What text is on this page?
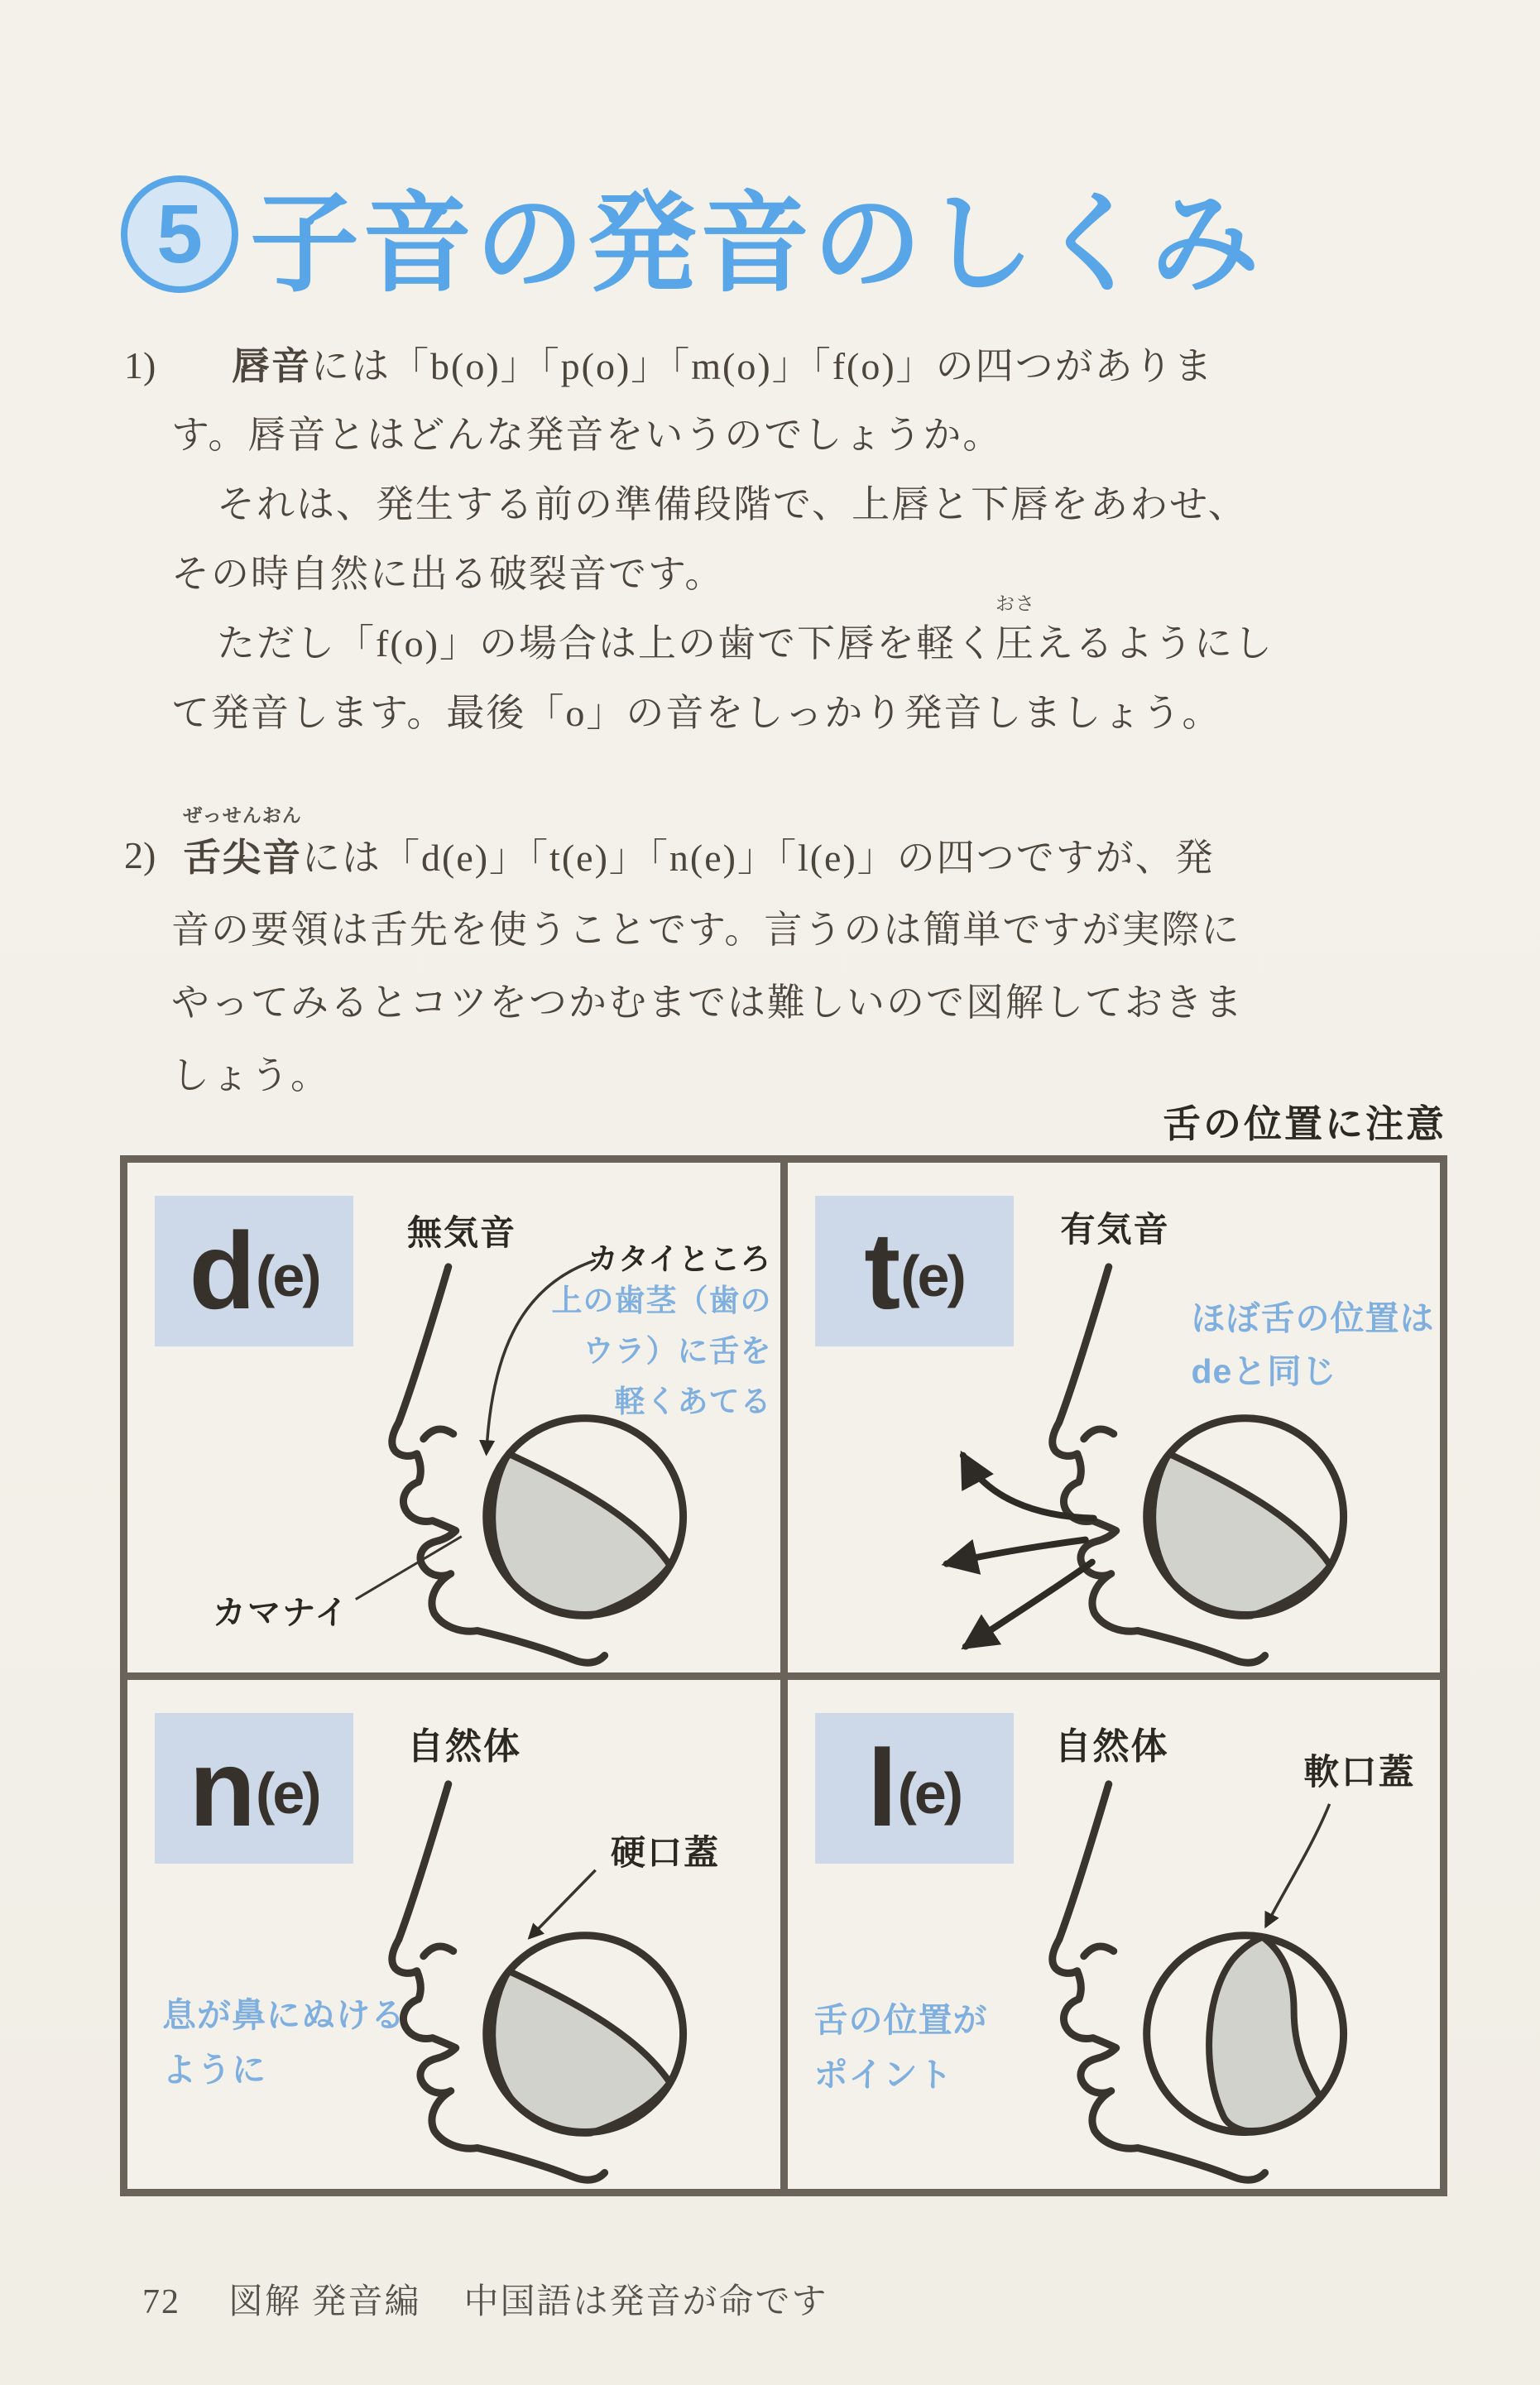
5 子音の発音のしくみ
1)	唇音には「b(o)」「p(o)」「m(o)」「f(o)」の四つがありま
す。唇音とはどんな発音をいうのでしょうか。
それは、発生する前の準備段階で、上唇と下唇をあわせ、
その時自然に出る破裂音です。
ただし「f(o)」の場合は上の歯で下唇を軽く圧
おさ
えるようにし
て発音します。最後「o」の音をしっかり発音しましょう。
2) 舌尖音
ぜっせんおん
には「d(e)」「t(e)」「n(e)」「l(e)」の四つですが、発
音の要領は舌先を使うことです。言うのは簡単ですが実際に
やってみるとコツをつかむまでは難しいので図解しておきま
しょう。
舌の位置に注意
d (e)
無気音
カタイところ
上の歯茎（歯の
ウラ）に舌を
軽くあてる
カマナイ
t (e)
有気音
ほぼ舌の位置は
deと同じ
n (e)
自然体
硬口蓋
息が鼻にぬける
ように
l (e)
自然体
軟口蓋
舌の位置が
ポイント
72 図解 発音編 中国語は発音が命です
